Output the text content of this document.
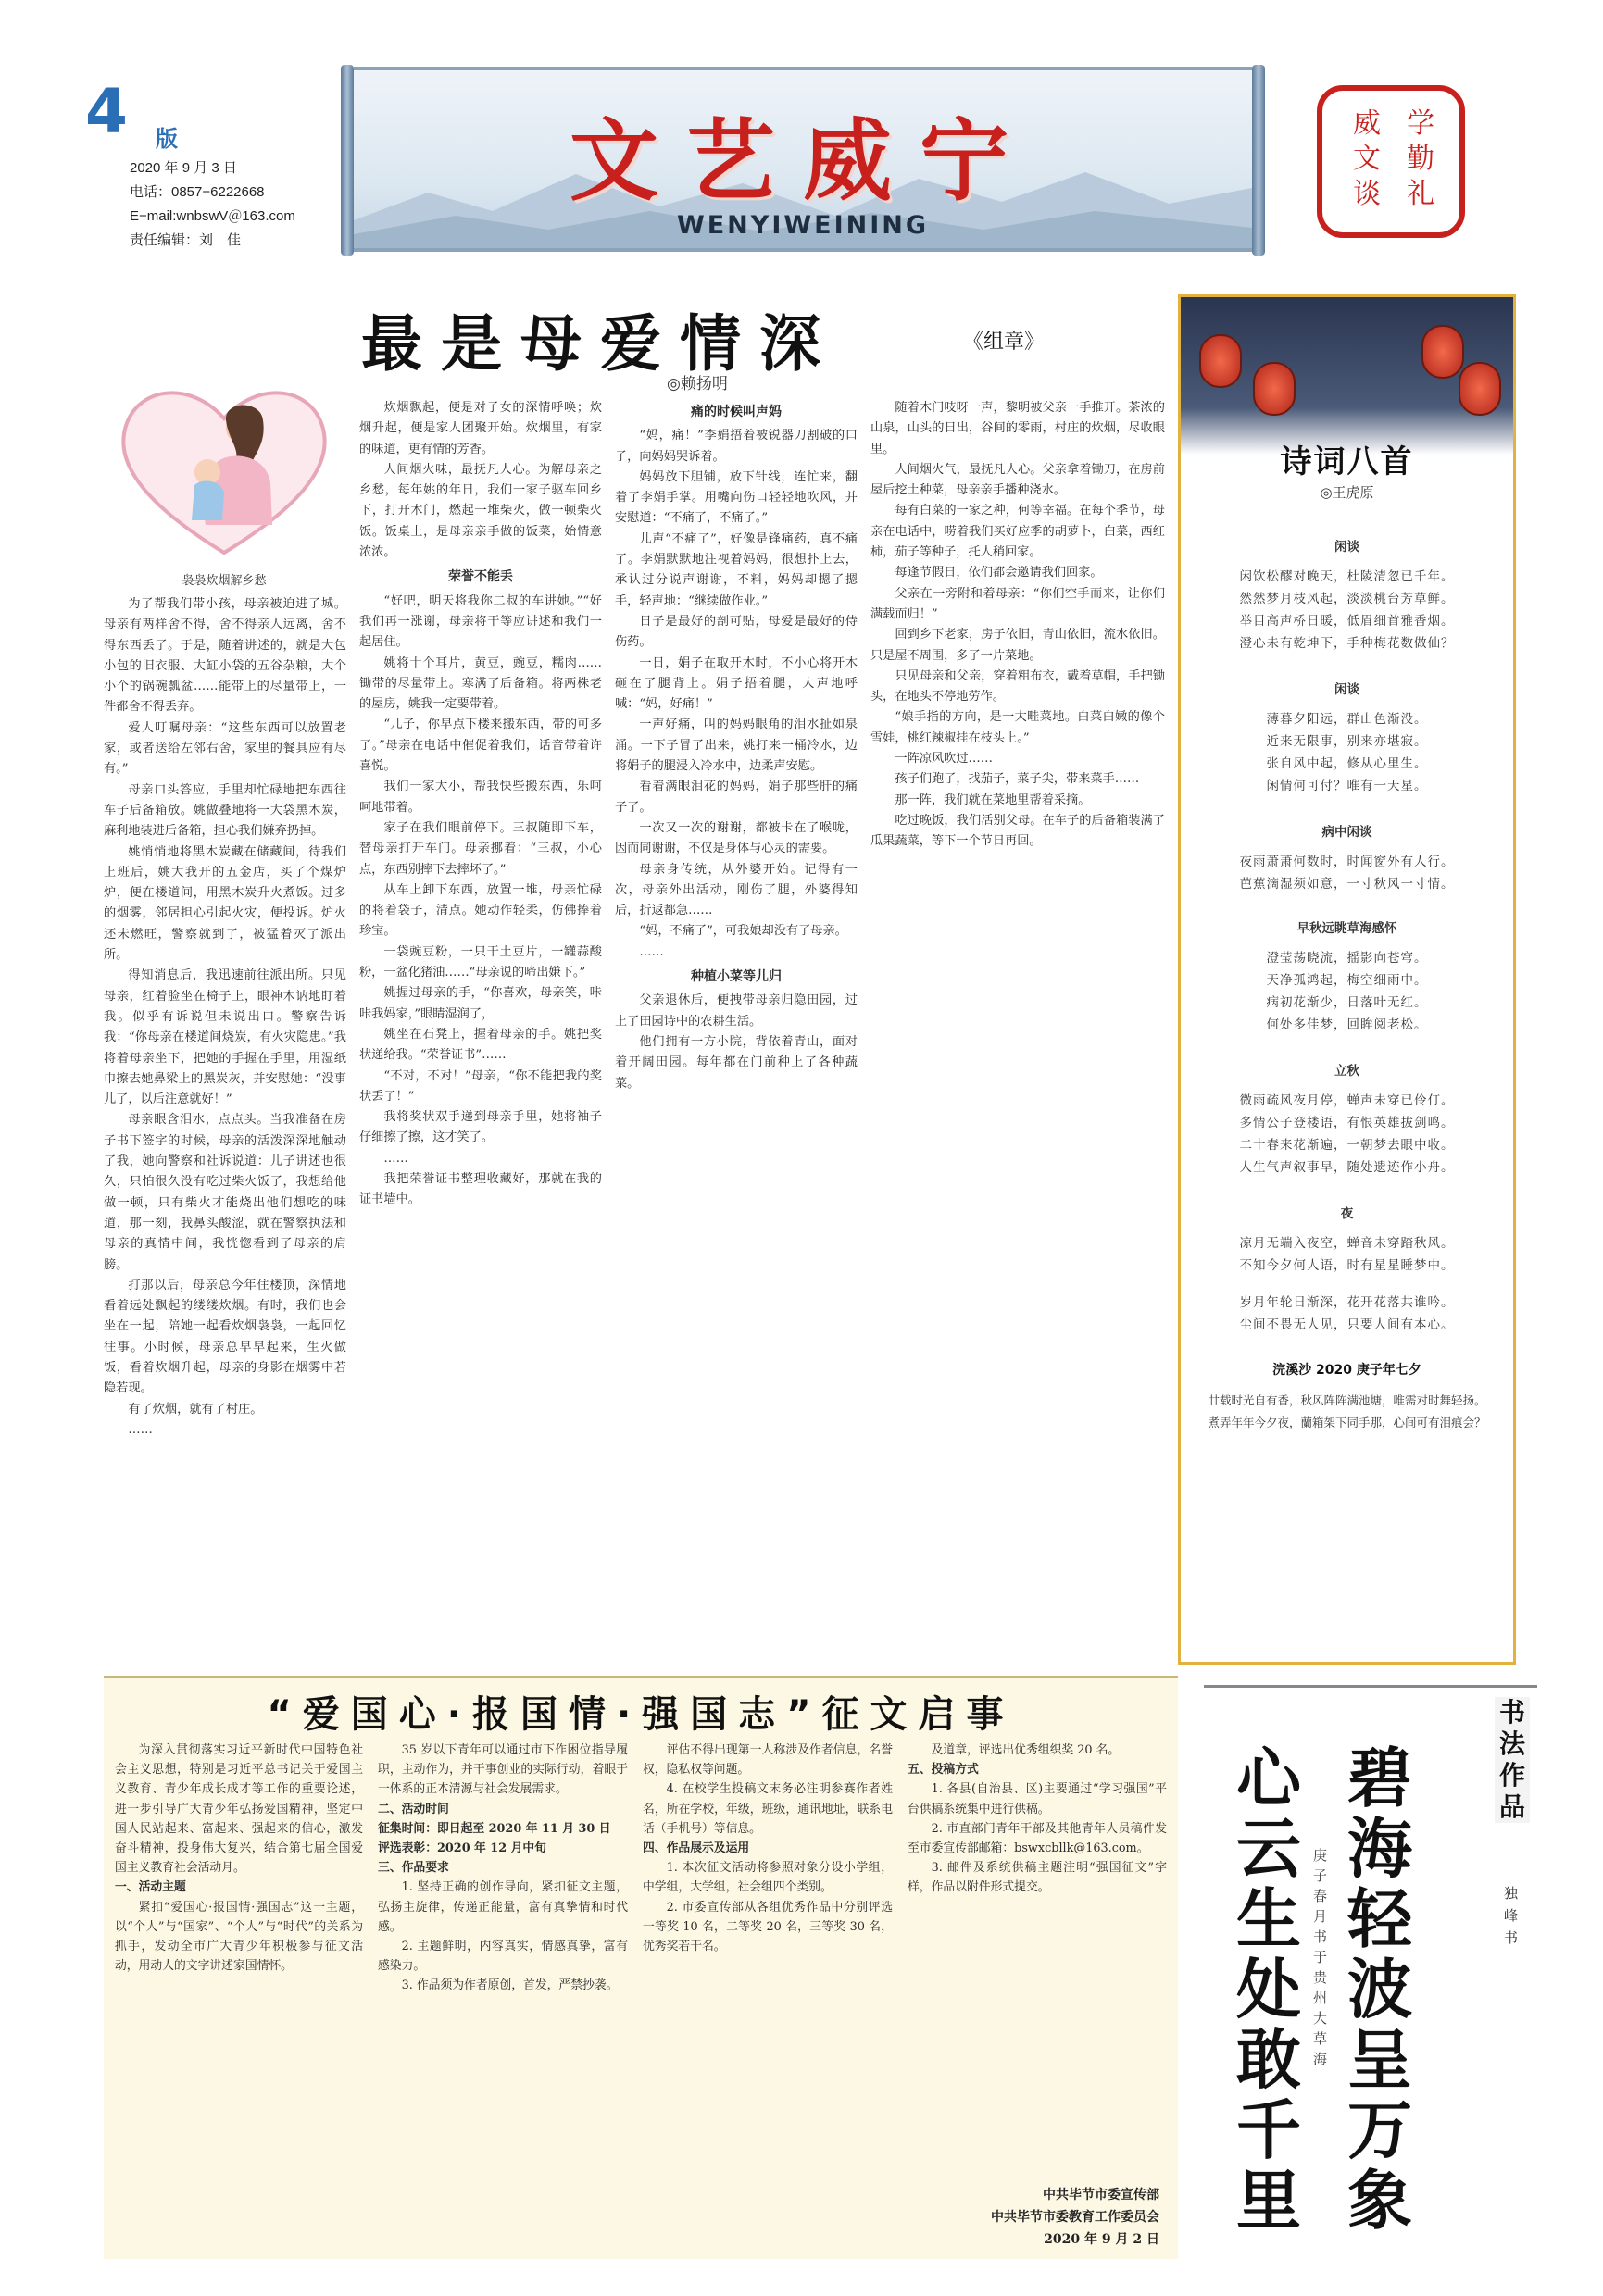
4 版
2020 年 9 月 3 日
电话：0857−6222668
E−mail:wnbswV＠163.com
责任编辑：刘　佳
文艺威宁
WENYIWEINING
学
勤
礼
威
文
谈
最是母爱情深	《组章》
◎赖扬明
袅袅炊烟解乡愁

为了帮我们带小孩，母亲被迫进了城。母亲有两样舍不得，舍不得亲人远离，舍不得东西丢了。于是，随着讲述的，就是大包小包的旧衣服、大缸小袋的五谷杂粮，大个小个的锅碗瓢盆……能带上的尽量带上，一件都舍不得丢弃。

爱人叮嘱母亲：“这些东西可以放置老家，或者送给左邻右舍，家里的餐具应有尽有。”

母亲口头答应，手里却忙碌地把东西往车子后备箱放。姚做叠地将一大袋黑木炭，麻利地装进后备箱，担心我们嫌弃扔掉。

姚悄悄地将黑木炭藏在储藏间，待我们上班后，姚大我开的五金店，买了个煤炉炉，便在楼道间，用黑木炭升火煮饭。过多的烟雾，邻居担心引起火灾，便投诉。炉火还未燃旺，警察就到了，被猛着灭了派出所。

得知消息后，我迅速前往派出所。只见母亲，红着脸坐在椅子上，眼神木讷地盯着我。似乎有诉说但未说出口。警察告诉我：“你母亲在楼道间烧炭，有火灾隐患。”我将着母亲坐下，把她的手握在手里，用湿纸巾擦去她鼻梁上的黑炭灰，并安慰她：“没事儿了，以后注意就好！”

母亲眼含泪水，点点头。当我准备在房子书下签字的时候，母亲的活泼深深地触动了我，她向警察和社诉说道：儿子讲述也很久，只怕很久没有吃过柴火饭了，我想给他做一顿，只有柴火才能烧出他们想吃的味道，那一刻，我鼻头酸涩，就在警察执法和母亲的真情中间，我恍惚看到了母亲的肩膀。

打那以后，母亲总今年住楼顶，深情地看着远处飘起的缕缕炊烟。有时，我们也会坐在一起，陪她一起看炊烟袅袅，一起回忆往事。小时候，母亲总早早起来，生火做饭，看着炊烟升起，母亲的身影在烟雾中若隐若现。

有了炊烟，就有了村庄。

……

炊烟飘起，便是对子女的深情呼唤；炊烟升起，便是家人团聚开始。炊烟里，有家的味道，更有情的芳香。

人间烟火味，最抚凡人心。为解母亲之乡愁，每年姚的年日，我们一家子驱车回乡下，打开木门，燃起一堆柴火，做一顿柴火饭。饭桌上，是母亲亲手做的饭菜，始情意浓浓。

荣誉不能丢

“好吧，明天将我你二叔的车讲她。”“好我们再一涨谢，母亲将干等应讲述和我们一起居住。

姚将十个耳片，黄豆，豌豆，糯肉……锄带的尽量带上。寒满了后备箱。将两株老的屋房，姚我一定要带着。

“儿子，你早点下楼来搬东西，带的可多了。”母亲在电话中催促着我们，话音带着许喜悦。

我们一家大小，帮我快些搬东西，乐呵呵地带着。

家子在我们眼前停下。三叔随即下车，替母亲打开车门。母亲挪着：“三叔，小心点，东西别摔下去摔坏了。”

从车上卸下东西，放置一堆，母亲忙碌的将着袋子，清点。她动作轻柔，仿佛捧着珍宝。

一袋豌豆粉，一只干土豆片，一罐蒜酸粉，一盆化猪油……“母亲说的啼出嫌下。”

姚握过母亲的手，“你喜欢，母亲笑，咔咔我妈家，”眼睛湿润了，

姚坐在石凳上，握着母亲的手。姚把奖状递给我。“荣誉证书”……

“不对，不对！”母亲，“你不能把我的奖状丢了！”

我将奖状双手递到母亲手里，她将袖子仔细擦了擦，这才笑了。

……

我把荣誉证书整理收藏好，那就在我的证书墙中。

痛的时候叫声妈

“妈，痛！”李娟捂着被锐器刀割破的口子，向妈妈哭诉着。

妈妈放下胆铺，放下针线，连忙来，翻着了李娟手掌。用嘴向伤口轻轻地吹风，并安慰道：“不痛了，不痛了。”

儿声“不痛了”，好像是锋痛药，真不痛了。李娟默默地注视着妈妈，很想扑上去，承认过分说声谢谢，不料，妈妈却摁了摁手，轻声地：“继续做作业。”

日子是最好的剖可贴，母爱是最好的侍伤药。

一日，娟子在取开木时，不小心将开木砸在了腿背上。娟子捂着腿，大声地呼喊：“妈，好痛！”

一声好痛，叫的妈妈眼角的泪水扯如泉涌。一下子冒了出来，姚打来一桶冷水，边将娟子的腿浸入冷水中，边柔声安慰。

看着满眼泪花的妈妈，娟子那些肝的痛子了。

一次又一次的谢谢，都被卡在了喉咙，因而同谢谢，不仅是身体与心灵的需要。

母亲身传统，从外婆开始。记得有一次，母亲外出活动，刚伤了腿，外婆得知后，折返都急……

“妈，不痛了”，可我娘却没有了母亲。

……

种植小菜等儿归

父亲退休后，便拽带母亲归隐田园，过上了田园诗中的农耕生活。

他们拥有一方小院，背依着青山，面对着开阔田园。每年都在门前种上了各种蔬菜。

随着木门吱呀一声，黎明被父亲一手推开。茶浓的山泉，山头的日出，谷间的零雨，村庄的炊烟，尽收眼里。

人间烟火气，最抚凡人心。父亲拿着锄刀，在房前屋后挖土种菜，母亲亲手播种浇水。

每有白菜的一家之种，何等幸福。在每个季节，母亲在电话中，唠着我们买好应季的胡萝卜，白菜，西红柿，茄子等种子，托人稍回家。

每逢节假日，依们都会邀请我们回家。

父亲在一旁附和着母亲：“你们空手而来，让你们满载而归！”

回到乡下老家，房子依旧，青山依旧，流水依旧。只是屋不周围，多了一片菜地。

只见母亲和父亲，穿着粗布衣，戴着草帽，手把锄头，在地头不停地劳作。

“娘手指的方向，是一大畦菜地。白菜白嫩的像个雪娃，桃红辣椒挂在枝头上。”

一阵凉风吹过……

孩子们跑了，找茄子，菜子尖，带来菜手……

那一阵，我们就在菜地里帮着采摘。

吃过晚饭，我们活别父母。在车子的后备箱装满了瓜果蔬菜，等下一个节日再回。

诗词八首
◎王虎原
闲谈
闲饮松醪对晚天，杜陵清忽已千年。
然然梦月枝风起，淡淡桃台芳草鲜。
举目高声桥日暖，低眉细首雅香烟。
澄心未有乾坤下，手种梅花数做仙？
闲谈
薄暮夕阳远，群山色渐没。
近来无限事，别来亦堪寂。
张自风中起，修从心里生。
闲情何可付？唯有一天星。
病中闲谈
夜雨萧萧何数时，时闻窗外有人行。
芭蕉滴湿须如意，一寸秋风一寸情。
早秋远眺草海感怀
澄莹荡晓流，摇影向苍穹。
天净孤鸿起，梅空细雨中。
病初花渐少，日落叶无红。
何处多佳梦，回眸阅老松。
立秋
微雨疏风夜月停，蝉声未穿已伶仃。
多情公子登楼语，有恨英雄拔剑鸣。
二十春来花渐遍，一朝梦去眼中收。
人生气声叙事早，随处遗迹作小舟。
夜
凉月无端入夜空，蝉音未穿踏秋风。
不知今夕何人语，时有星星睡梦中。
岁月年轮日渐深，花开花落共谁吟。
尘间不畏无人见，只要人间有本心。
浣溪沙 2020 庚子年七夕
廿载时光自有香，秋风阵阵满池塘，唯需对时舞轻扬。
煮弄年年今夕夜，蘭箱架下同手那，心间可有泪痕会？
书法作品
独峰　书
碧海轻波呈万象
心云生处敢千里
庚子春月书于贵州大草海
“爱国心·报国情·强国志”征文启事

为深入贯彻落实习近平新时代中国特色社会主义思想，特别是习近平总书记关于爱国主义教育、青少年成长成才等工作的重要论述，进一步引导广大青少年弘扬爱国精神，坚定中国人民站起来、富起来、强起来的信心，激发奋斗精神，投身伟大复兴，结合第七届全国爱国主义教育社会活动月。

一、活动主题

紧扣“爱国心·报国情·强国志”这一主题，以“个人”与“国家”、“个人”与“时代”的关系为抓手，发动全市广大青少年积极参与征文活动，用动人的文字讲述家国情怀。

35 岁以下青年可以通过市下作困位指导履职，主动作为，并干事创业的实际行动，着眼于一体系的正本清源与社会发展需求。

二、活动时间
征集时间：即日起至 2020 年 11 月 30 日
评选表彰：2020 年 12 月中旬
三、作品要求

1. 坚持正确的创作导向，紧扣征文主题，弘扬主旋律，传递正能量，富有真挚情和时代感。

2. 主题鲜明，内容真实，情感真挚，富有感染力。

3. 作品须为作者原创，首发，严禁抄袭。

评估不得出现第一人称涉及作者信息，名誉权，隐私权等问题。

4. 在校学生投稿文末务必注明参赛作者姓名，所在学校，年级，班级，通讯地址，联系电话（手机号）等信息。

四、作品展示及运用

1. 本次征文活动将参照对象分设小学组，中学组，大学组，社会组四个类别。

2. 市委宣传部从各组优秀作品中分别评选一等奖 10 名，二等奖 20 名，三等奖 30 名，优秀奖若干名。

及道章，评选出优秀组织奖 20 名。

五、投稿方式

1. 各县(自治县、区)主要通过“学习强国”平台供稿系统集中进行供稿。

2. 市直部门青年干部及其他青年人员稿件发至市委宣传部邮箱：bswxcbllk@163.com。

3. 邮件及系统供稿主题注明“强国征文”字样，作品以附件形式提交。

中共毕节市委宣传部
中共毕节市委教育工作委员会
2020 年 9 月 2 日
